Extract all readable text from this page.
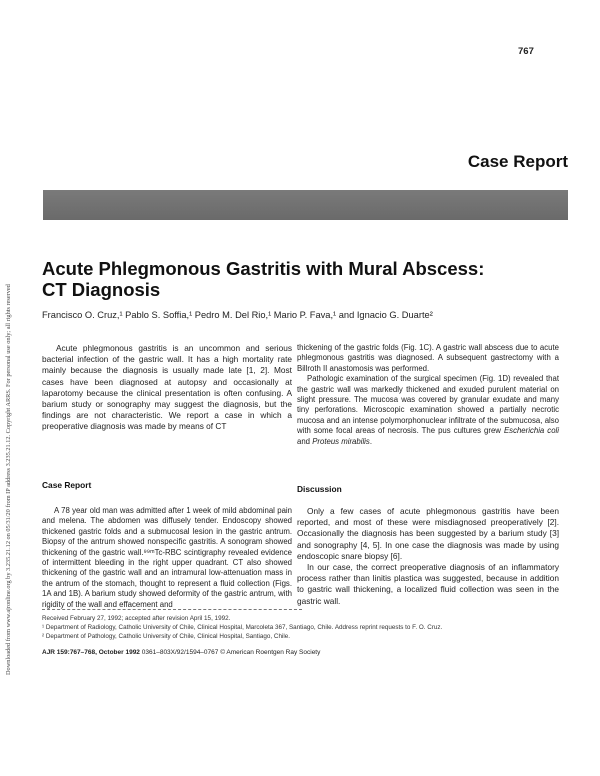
Downloaded from www.ajronline.org by 3.235.21.12 on 05/31/20 from IP address 3.235.21.12. Copyright ARRS. For personal use only; all rights reserved
767
Case Report
Acute Phlegmonous Gastritis with Mural Abscess:
CT Diagnosis
Francisco O. Cruz,¹ Pablo S. Soffia,¹ Pedro M. Del Rio,¹ Mario P. Fava,¹ and Ignacio G. Duarte²

Acute phlegmonous gastritis is an uncommon and serious bacterial infection of the gastric wall. It has a high mortality rate mainly because the diagnosis is usually made late [1, 2]. Most cases have been diagnosed at autopsy and occasionally at laparotomy because the clinical presentation is often confusing. A barium study or sonography may suggest the diagnosis, but the findings are not characteristic. We report a case in which a preoperative diagnosis was made by means of CT

thickening of the gastric folds (Fig. 1C). A gastric wall abscess due to acute phlegmonous gastritis was diagnosed. A subsequent gastrectomy with a Billroth II anastomosis was performed.

Pathologic examination of the surgical specimen (Fig. 1D) revealed that the gastric wall was markedly thickened and exuded purulent material on slight pressure. The mucosa was covered by granular exudate and many tiny perforations. Microscopic examination showed a partially necrotic mucosa and an intense polymorphonuclear infiltrate of the submucosa, also with some focal areas of necrosis. The pus cultures grew Escherichia coli and Proteus mirabilis.

Case Report	Discussion

A 78 year old man was admitted after 1 week of mild abdominal pain and melena. The abdomen was diffusely tender. Endoscopy showed thickened gastric folds and a submucosal lesion in the gastric antrum. Biopsy of the antrum showed nonspecific gastritis. A sonogram showed thickening of the gastric wall.⁹⁹ᵐTc-RBC scintigraphy revealed evidence of intermittent bleeding in the right upper quadrant. CT also showed thickening of the gastric wall and an intramural low-attenuation mass in the antrum of the stomach, thought to represent a fluid collection (Figs. 1A and 1B). A barium study showed deformity of the gastric antrum, with rigidity of the wall and effacement and

Only a few cases of acute phlegmonous gastritis have been reported, and most of these were misdiagnosed preoperatively [2]. Occasionally the diagnosis has been suggested by a barium study [3] and sonography [4, 5]. In one case the diagnosis was made by using endoscopic snare biopsy [6].

In our case, the correct preoperative diagnosis of an inflammatory process rather than linitis plastica was suggested, because in addition to gastric wall thickening, a localized fluid collection was seen in the gastric wall.

Received February 27, 1992; accepted after revision April 15, 1992.
¹ Department of Radiology, Catholic University of Chile, Clinical Hospital, Marcoleta 367, Santiago, Chile. Address reprint requests to F. O. Cruz.
² Department of Pathology, Catholic University of Chile, Clinical Hospital, Santiago, Chile.
AJR 159:767–768, October 1992 0361–803X/92/1594–0767 © American Roentgen Ray Society
